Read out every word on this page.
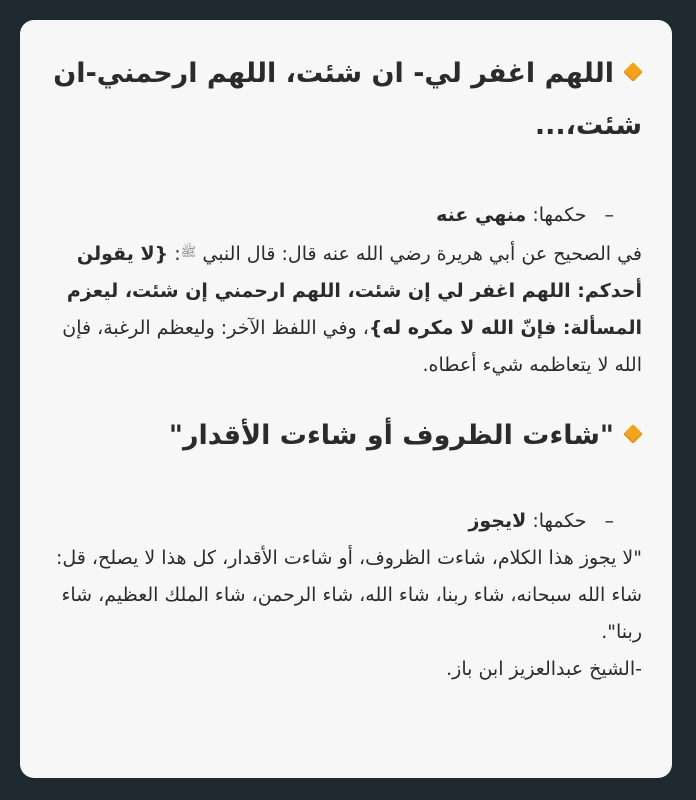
اللهم اغفر لي- ان شئت، اللهم ارحمني-ان شئت،...

–حكمها: منهي عنه

في الصحيح عن أبي هريرة رضي الله عنه قال: قال النبي ﷺ: {لا يقولن أحدكم: اللهم اغفر لي إن شئت، اللهم ارحمني إن شئت، ليعزم المسألة: فإنّ الله لا مكره له}، وفي اللفظ الآخر: وليعظم الرغبة، فإن الله لا يتعاظمه شيء أعطاه.

"شاءت الظروف أو شاءت الأقدار"

–حكمها: لايجوز

"لا يجوز هذا الكلام، شاءت الظروف، أو شاءت الأقدار، كل هذا لا يصلح، قل: شاء الله سبحانه، شاء ربنا، شاء الله، شاء الرحمن، شاء الملك العظيم، شاء ربنا".
-الشيخ عبدالعزيز ابن باز.
